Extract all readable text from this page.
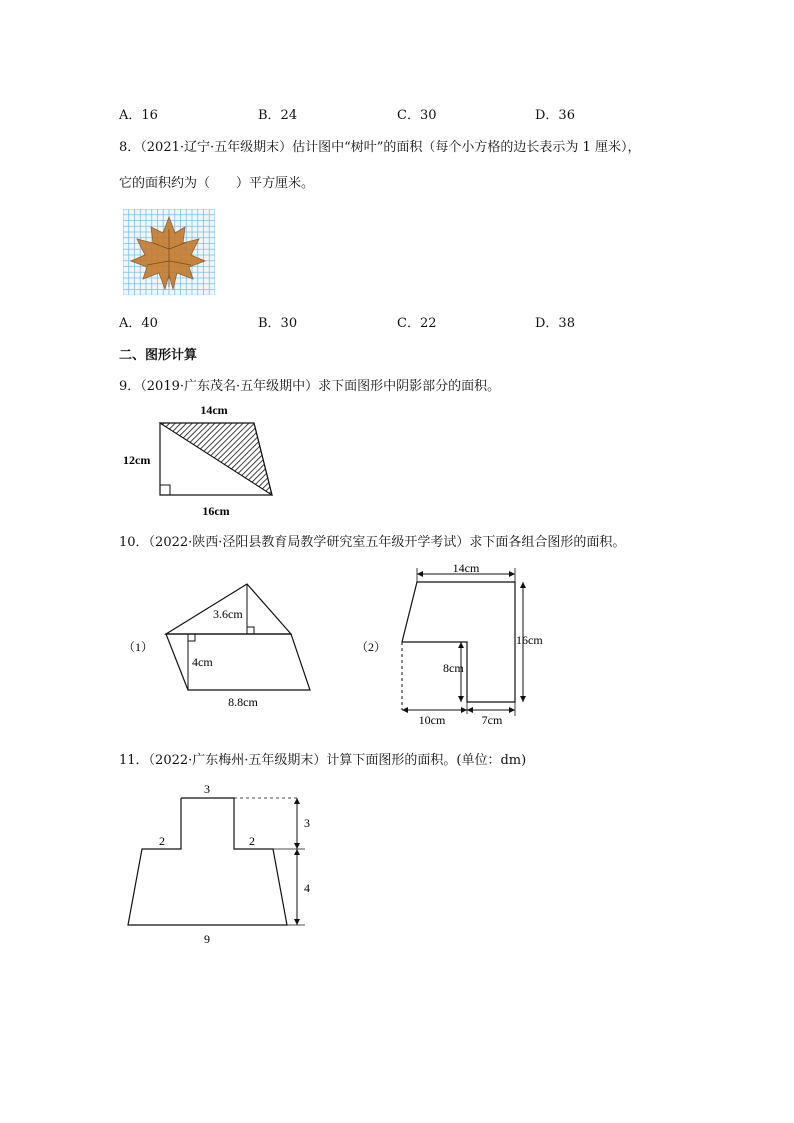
A．16	B．24	C．30	D．36
8．（2021·辽宁·五年级期末）估计图中“树叶”的面积（每个小方格的边长表示为 1 厘米），
它的面积约为（　　）平方厘米。
A．40	B．30	C．22	D．38
二、图形计算
9．（2019·广东茂名·五年级期中）求下面图形中阴影部分的面积。
14cm
12cm
16cm
10．（2022·陕西·泾阳县教育局教学研究室五年级开学考试）求下面各组合图形的面积。
（1）
3.6cm
4cm
8.8cm
（2）
14cm
16cm
8cm
10cm	7cm
11．（2022·广东梅州·五年级期末）计算下面图形的面积。(单位：dm)
3
2	2
3
4
9
